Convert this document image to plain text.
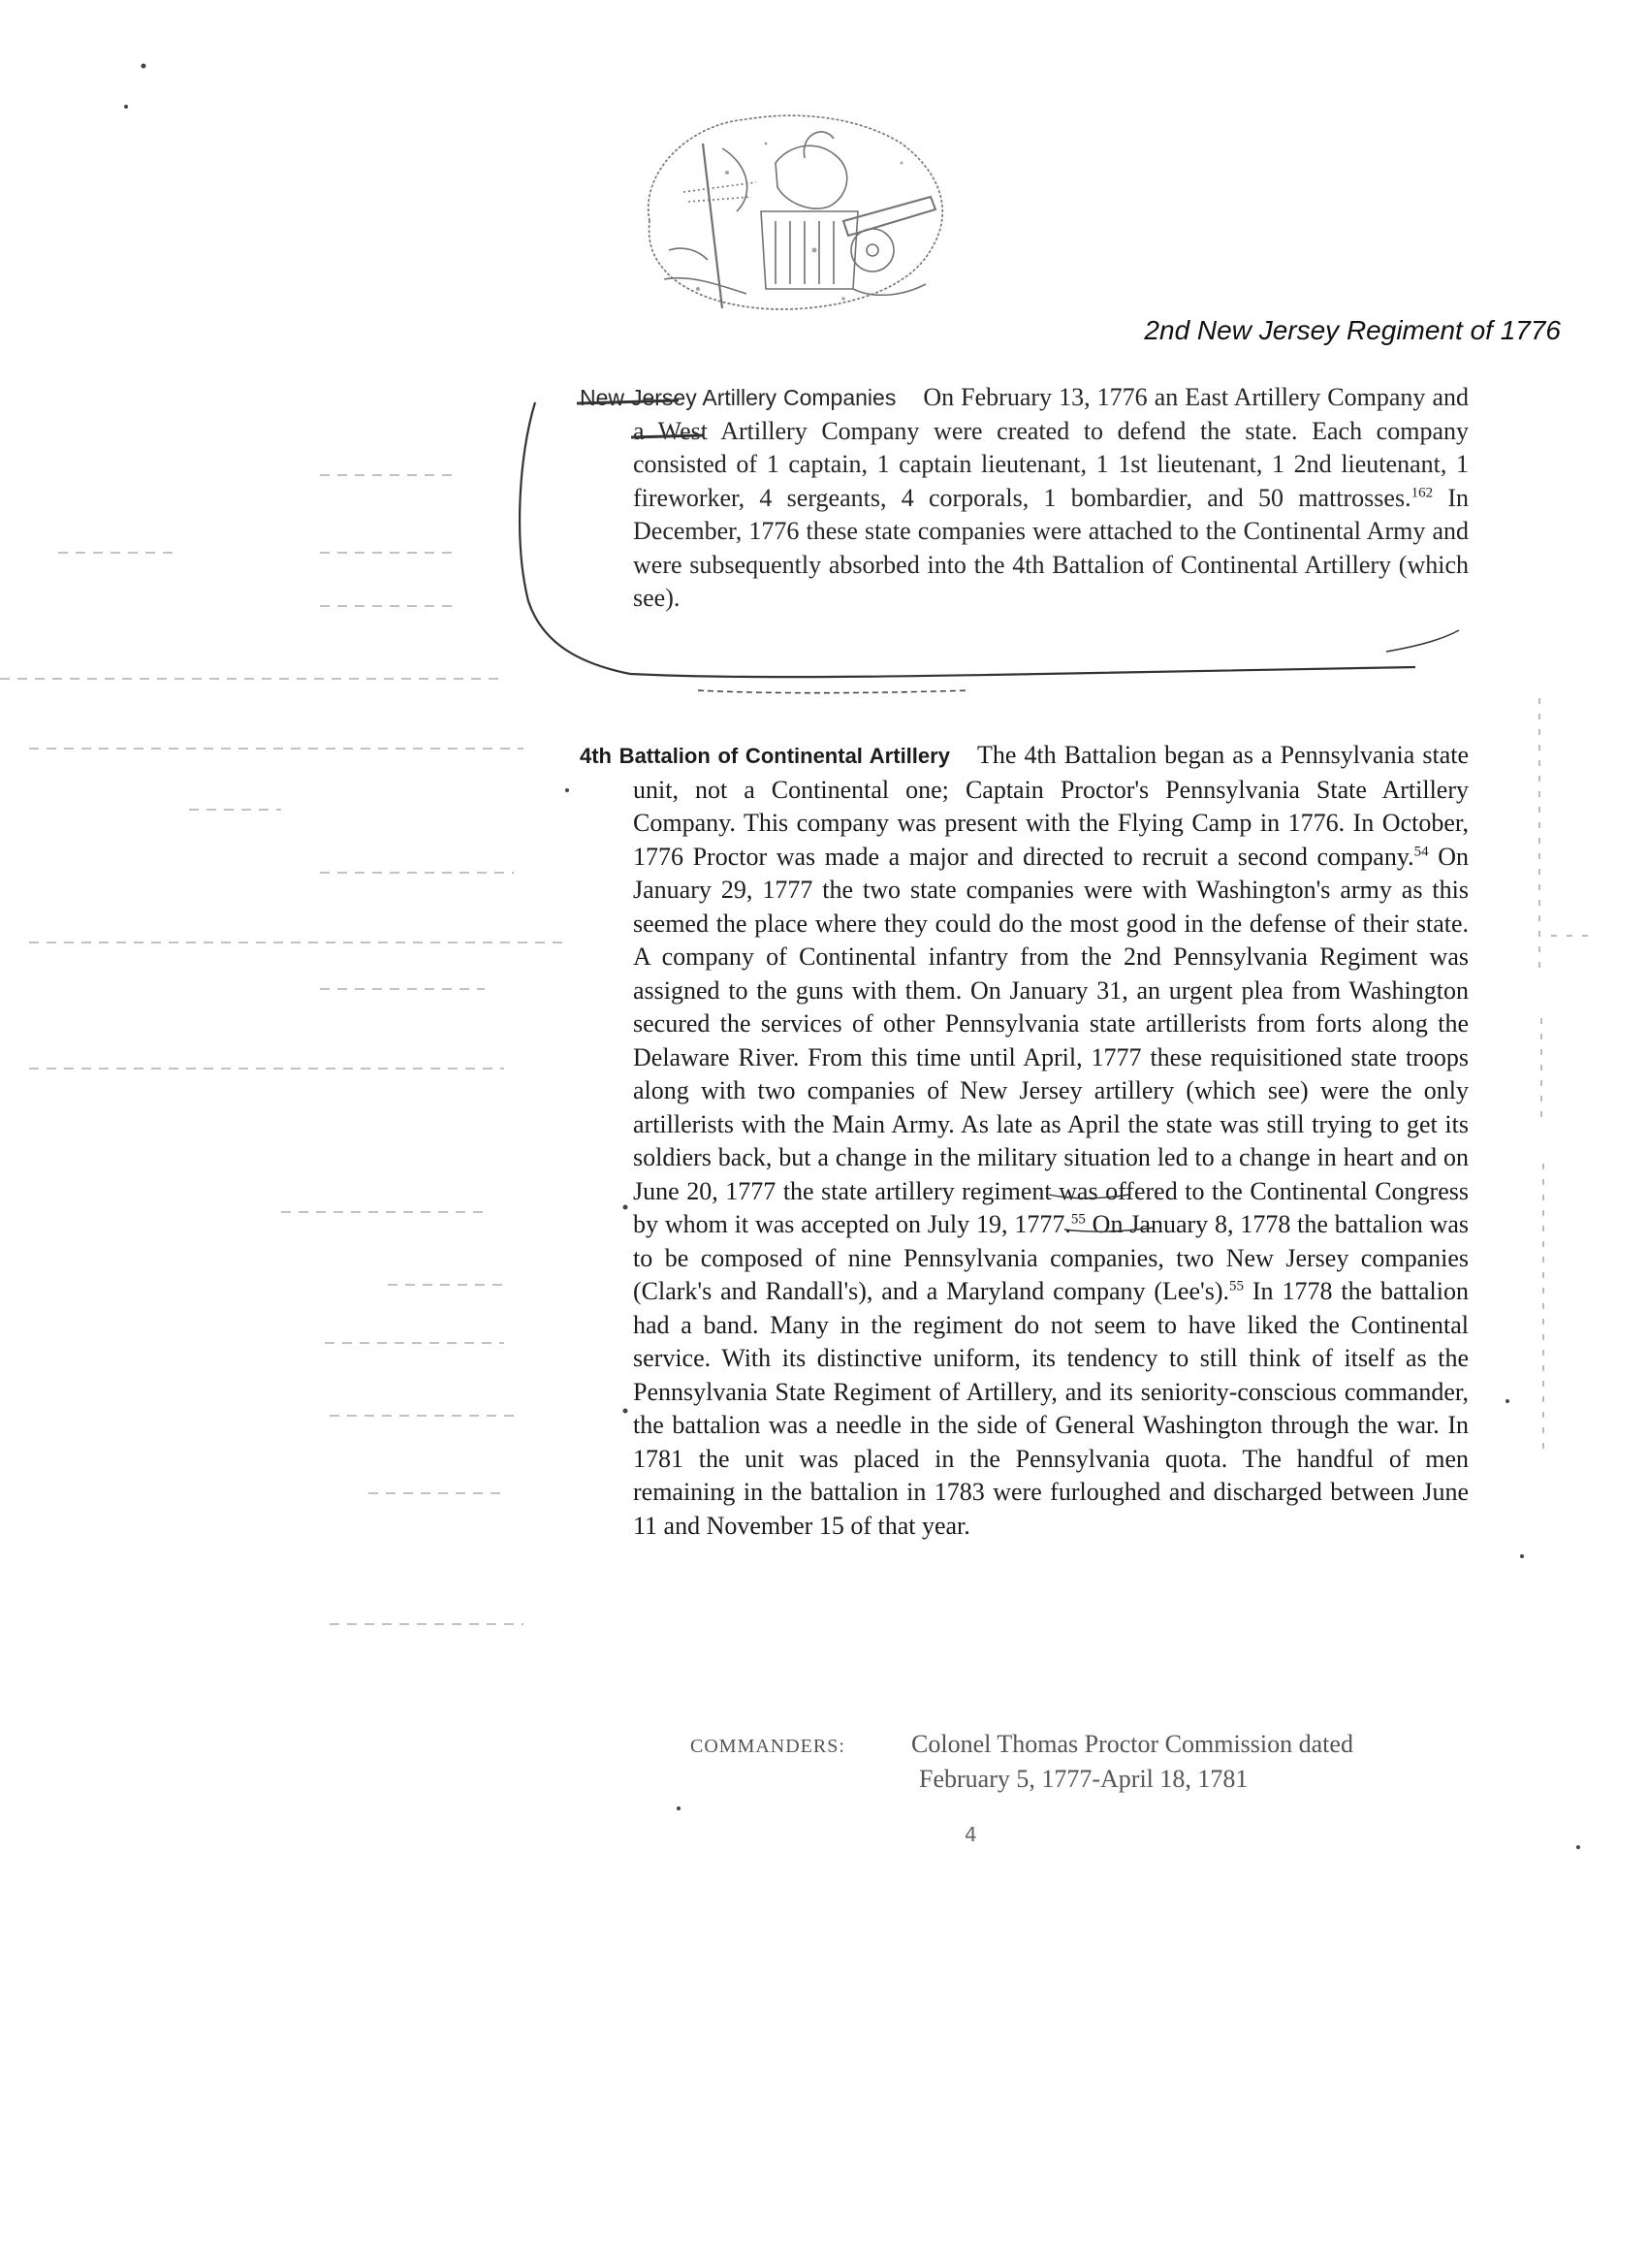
2nd New Jersey Regiment of 1776

New Jersey Artillery Companies On February 13, 1776 an East Artillery Company and a West Artillery Company were created to defend the state. Each company consisted of 1 captain, 1 captain lieutenant, 1 1st lieutenant, 1 2nd lieutenant, 1 fireworker, 4 sergeants, 4 corporals, 1 bombardier, and 50 mattrosses.$^{162}$ In December, 1776 these state companies were attached to the Continental Army and were subsequently absorbed into the 4th Battalion of Continental Artillery (which see).

4th Battalion of Continental Artillery The 4th Battalion began as a Pennsylvania state unit, not a Continental one; Captain Proctor's Pennsylvania State Artillery Company. This company was present with the Flying Camp in 1776. In October, 1776 Proctor was made a major and directed to recruit a second company.$^{54}$ On January 29, 1777 the two state companies were with Washington's army as this seemed the place where they could do the most good in the defense of their state. A company of Continental infantry from the 2nd Pennsylvania Regiment was assigned to the guns with them. On January 31, an urgent plea from Washington secured the services of other Pennsylvania state artillerists from forts along the Delaware River. From this time until April, 1777 these requisitioned state troops along with two companies of New Jersey artillery (which see) were the only artillerists with the Main Army. As late as April the state was still trying to get its soldiers back, but a change in the military situation led to a change in heart and on June 20, 1777 the state artillery regiment was offered to the Continental Congress by whom it was accepted on July 19, 1777.55 On January 8, 1778 the battalion was to be composed of nine Pennsylvania companies, two New Jersey companies (Clark's and Randall's), and a Maryland company (Lee's).$^{55}$ In 1778 the battalion had a band. Many in the regiment do not seem to have liked the Continental service. With its distinctive uniform, its tendency to still think of itself as the Pennsylvania State Regiment of Artillery, and its seniority-conscious commander, the battalion was a needle in the side of General Washington through the war. In 1781 the unit was placed in the Pennsylvania quota. The handful of men remaining in the battalion in 1783 were furloughed and discharged between June 11 and November 15 of that year.

COMMANDERS:	Colonel Thomas Proctor Commission dated
February 5, 1777-April 18, 1781
4
